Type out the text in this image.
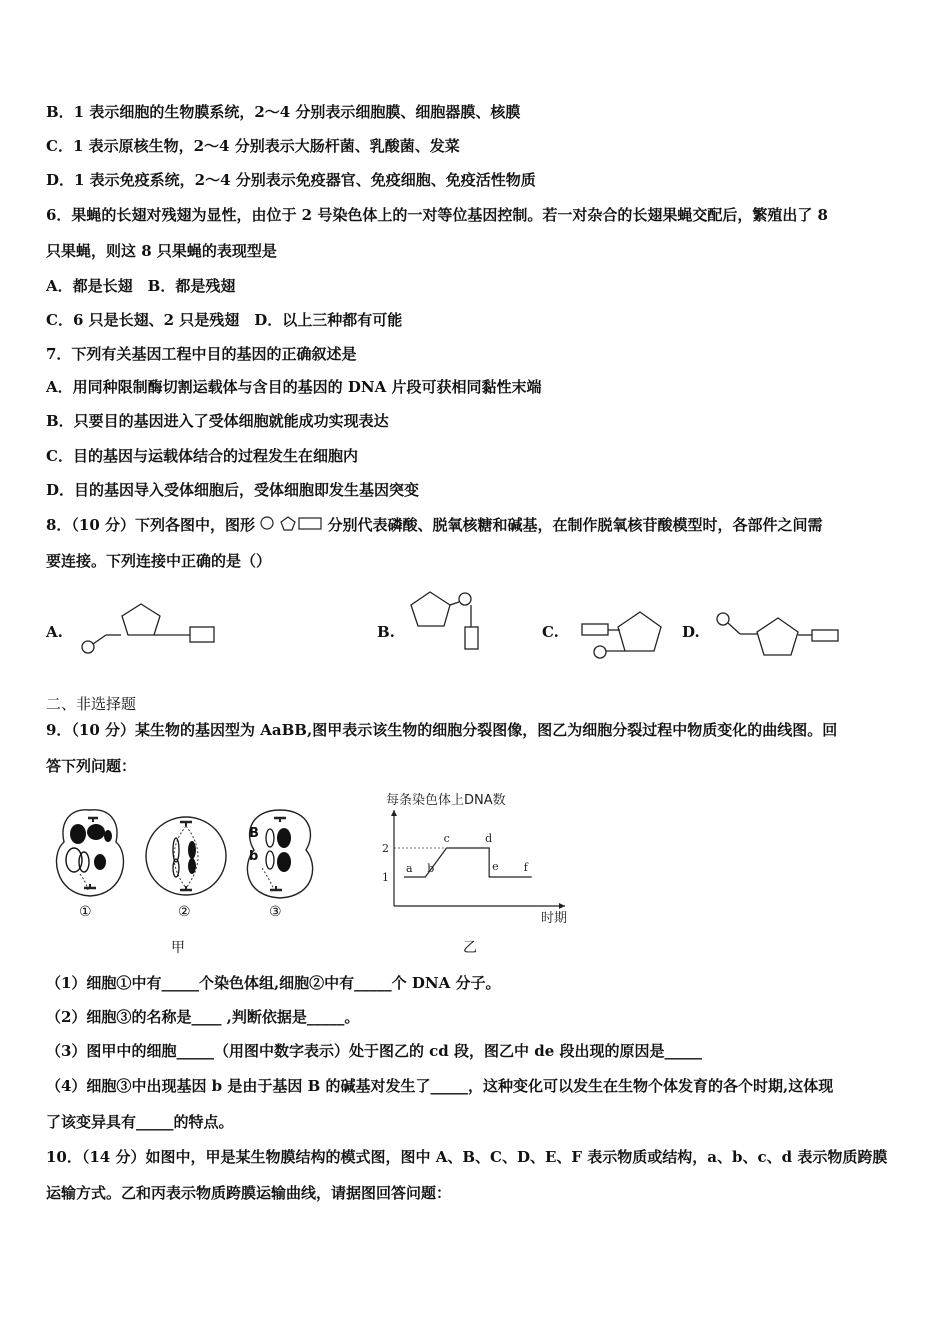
B．1 表示细胞的生物膜系统，2～4 分别表示细胞膜、细胞器膜、核膜
C．1 表示原核生物，2～4 分别表示大肠杆菌、乳酸菌、发菜
D．1 表示免疫系统，2～4 分别表示免疫器官、免疫细胞、免疫活性物质
6．果蝇的长翅对残翅为显性，由位于 2 号染色体上的一对等位基因控制。若一对杂合的长翅果蝇交配后，繁殖出了 8
只果蝇，则这 8 只果蝇的表现型是
A．都是长翅　B．都是残翅
C．6 只是长翅、2 只是残翅　D．以上三种都有可能
7．下列有关基因工程中目的基因的正确叙述是
A．用同种限制酶切割运载体与含目的基因的 DNA 片段可获相同黏性末端
B．只要目的基因进入了受体细胞就能成功实现表达
C．目的基因与运载体结合的过程发生在细胞内
D．目的基因导入受体细胞后，受体细胞即发生基因突变
8．（10 分）下列各图中，图形	分别代表磷酸、脱氧核糖和碱基，在制作脱氧核苷酸模型时，各部件之间需
要连接。下列连接中正确的是（）
A.	B.	C.	D.
二、非选择题
9．（10 分）某生物的基因型为 AaBB,图甲表示该生物的细胞分裂图像，图乙为细胞分裂过程中物质变化的曲线图。回
答下列问题：
①	②
B
b
③
甲
每条染色体上DNA数
时期
1
2
a b
c	d
e f
乙
（1）细胞①中有_____个染色体组,细胞②中有_____个 DNA 分子。
（2）细胞③的名称是____ ,判断依据是_____。
（3）图甲中的细胞_____（用图中数字表示）处于图乙的 cd 段，图乙中 de 段出现的原因是_____
（4）细胞③中出现基因 b 是由于基因 B 的碱基对发生了_____，这种变化可以发生在生物个体发育的各个时期,这体现
了该变异具有_____的特点。
10．（14 分）如图中，甲是某生物膜结构的模式图，图中 A、B、C、D、E、F 表示物质或结构，a、b、c、d 表示物质跨膜
运输方式。乙和丙表示物质跨膜运输曲线，请据图回答问题：
